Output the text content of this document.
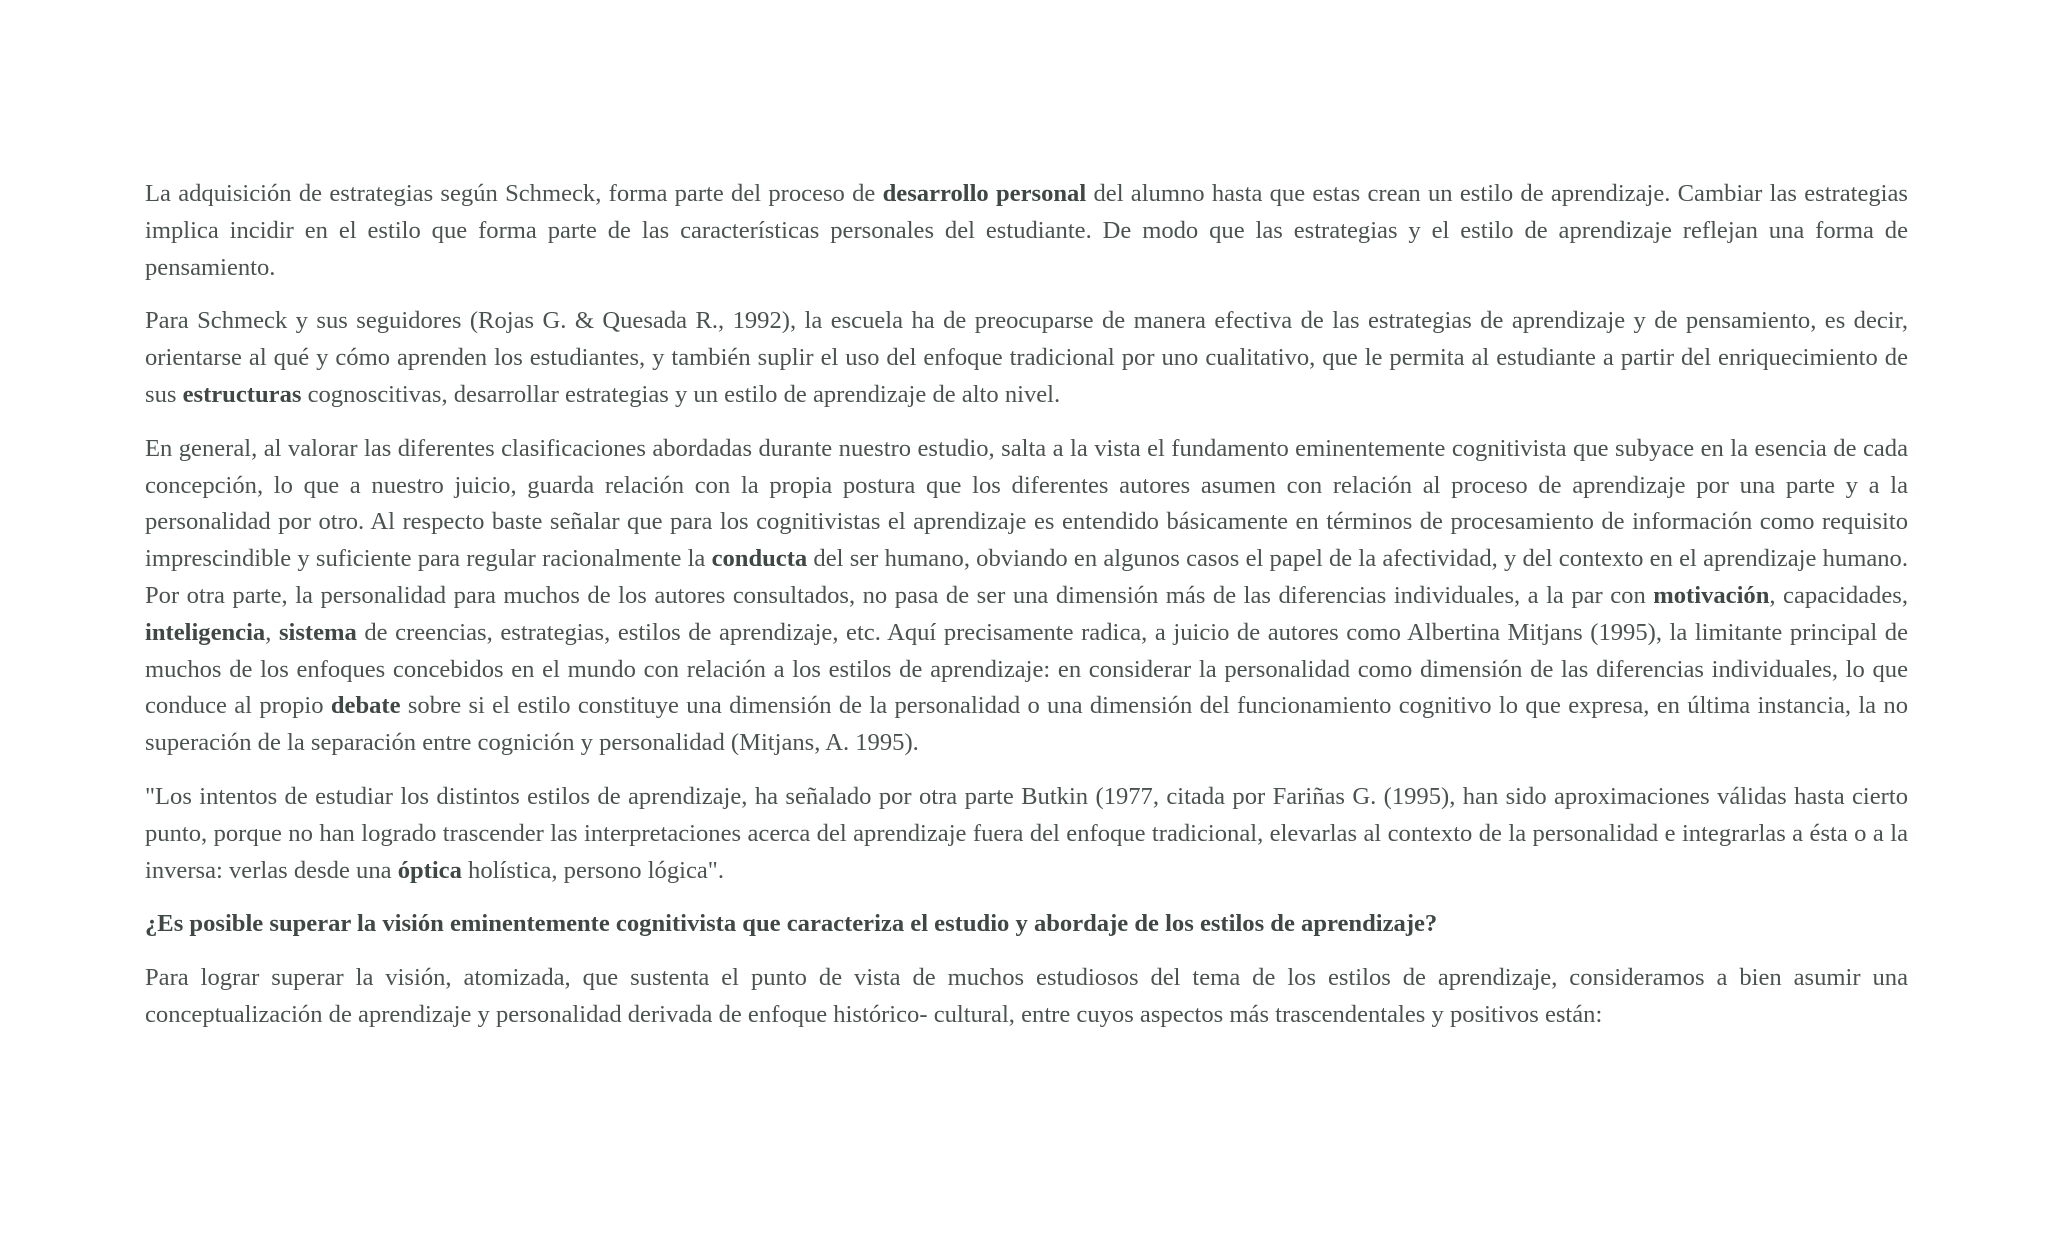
La adquisición de estrategias según Schmeck, forma parte del proceso de desarrollo personal del alumno hasta que estas crean un estilo de aprendizaje. Cambiar las estrategias implica incidir en el estilo que forma parte de las características personales del estudiante. De modo que las estrategias y el estilo de aprendizaje reflejan una forma de pensamiento.

Para Schmeck y sus seguidores (Rojas G. & Quesada R., 1992), la escuela ha de preocuparse de manera efectiva de las estrategias de aprendizaje y de pensamiento, es decir, orientarse al qué y cómo aprenden los estudiantes, y también suplir el uso del enfoque tradicional por uno cualitativo, que le permita al estudiante a partir del enriquecimiento de sus estructuras cognoscitivas, desarrollar estrategias y un estilo de aprendizaje de alto nivel.

En general, al valorar las diferentes clasificaciones abordadas durante nuestro estudio, salta a la vista el fundamento eminentemente cognitivista que subyace en la esencia de cada concepción, lo que a nuestro juicio, guarda relación con la propia postura que los diferentes autores asumen con relación al proceso de aprendizaje por una parte y a la personalidad por otro. Al respecto baste señalar que para los cognitivistas el aprendizaje es entendido básicamente en términos de procesamiento de información como requisito imprescindible y suficiente para regular racionalmente la conducta del ser humano, obviando en algunos casos el papel de la afectividad, y del contexto en el aprendizaje humano. Por otra parte, la personalidad para muchos de los autores consultados, no pasa de ser una dimensión más de las diferencias individuales, a la par con motivación, capacidades, inteligencia, sistema de creencias, estrategias, estilos de aprendizaje, etc. Aquí precisamente radica, a juicio de autores como Albertina Mitjans (1995), la limitante principal de muchos de los enfoques concebidos en el mundo con relación a los estilos de aprendizaje: en considerar la personalidad como dimensión de las diferencias individuales, lo que conduce al propio debate sobre si el estilo constituye una dimensión de la personalidad o una dimensión del funcionamiento cognitivo lo que expresa, en última instancia, la no superación de la separación entre cognición y personalidad (Mitjans, A. 1995).

"Los intentos de estudiar los distintos estilos de aprendizaje, ha señalado por otra parte Butkin (1977, citada por Fariñas G. (1995), han sido aproximaciones válidas hasta cierto punto, porque no han logrado trascender las interpretaciones acerca del aprendizaje fuera del enfoque tradicional, elevarlas al contexto de la personalidad e integrarlas a ésta o a la inversa: verlas desde una óptica holística, persono lógica".

¿Es posible superar la visión eminentemente cognitivista que caracteriza el estudio y abordaje de los estilos de aprendizaje?

Para lograr superar la visión, atomizada, que sustenta el punto de vista de muchos estudiosos del tema de los estilos de aprendizaje, consideramos a bien asumir una conceptualización de aprendizaje y personalidad derivada de enfoque histórico- cultural, entre cuyos aspectos más trascendentales y positivos están:
